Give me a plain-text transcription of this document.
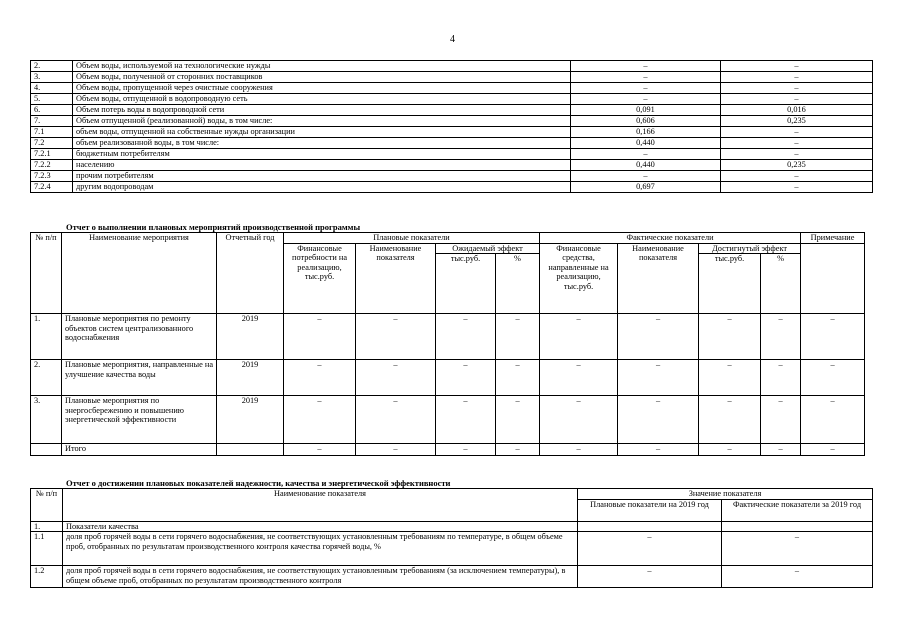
4
2.	Объем воды, используемой на технологические нужды	–	–
3.	Объем воды, полученной от сторонних поставщиков	–	–
4.	Объем воды, пропущенной через очистные сооружения	–	–
5.	Объем воды, отпущенной в водопроводную сеть	–	–
6.	Объем потерь воды в водопроводной сети	0,091	0,016
7.	Объем отпущенной (реализованной) воды, в том числе:	0,606	0,235
7.1	объем воды, отпущенной на собственные нужды организации	0,166	–
7.2	объем реализованной воды, в том числе:	0,440	–
7.2.1	бюджетным потребителям	–	–
7.2.2	населению	0,440	0,235
7.2.3	прочим потребителям	–	–
7.2.4	другим водопроводам	0,697	–
Отчет о выполнении плановых мероприятий производственной программы
№ п/п	Наименование мероприятия	Отчетный год	Плановые показатели				Фактические показатели				Примечание	
			Финансовые потребности на реализацию, тыс.руб.	Наименование показателя	Ожидаемый эффект		Финансовые средства, направленные на реализацию, тыс.руб.	Наименование показателя	Достигнутый эффект			
					тыс.руб.	%			тыс.руб.	%		
1.	Плановые мероприятия по ремонту объектов систем централизованного водоснабжения	2019	–	–	–	–	–	–	–	–	–	
2.	Плановые мероприятия, направленные на улучшение качества воды	2019	–	–	–	–	–	–	–	–	–	
3.	Плановые мероприятия по энергосбережению и повышению энергетической эффективности	2019	–	–	–	–	–	–	–	–	–	
	Итого		–	–	–	–	–	–	–	–	–	
Отчет о достижении плановых показателей надежности, качества и энергетической эффективности
№ п/п	Наименование показателя	Значение показателя	
		Плановые показатели на 2019 год	Фактические показатели за 2019 год
1.	Показатели качества		
1.1	доля проб горячей воды в сети горячего водоснабжения, не соответствующих установленным требованиям по температуре, в общем объеме проб, отобранных по результатам производственного контроля качества горячей воды, %	–	–
1.2	доля проб горячей воды в сети горячего водоснабжения, не соответствующих установленным требованиям (за исключением температуры), в общем объеме проб, отобранных по результатам производственного контроля	–	–
